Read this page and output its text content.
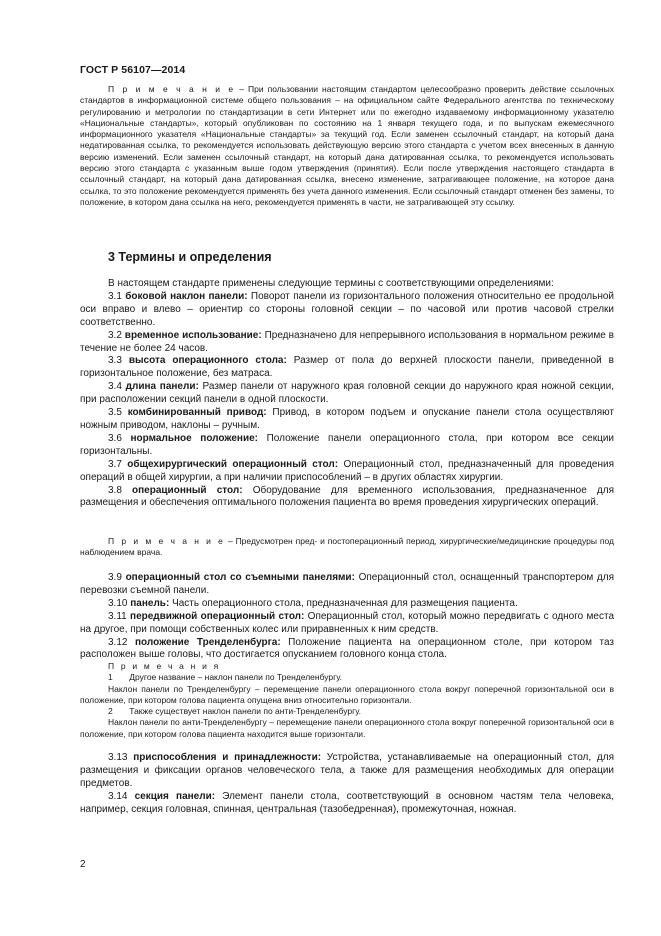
ГОСТ Р 56107—2014
П р и м е ч а н и е – При пользовании настоящим стандартом целесообразно проверить действие ссылочных стандартов в информационной системе общего пользования – на официальном сайте Федерального агентства по техническому регулированию и метрологии по стандартизации в сети Интернет или по ежегодно издаваемому информационному указателю «Национальные стандарты», который опубликован по состоянию на 1 января текущего года, и по выпускам ежемесячного информационного указателя «Национальные стандарты» за текущий год. Если заменен ссылочный стандарт, на который дана недатированная ссылка, то рекомендуется использовать действующую версию этого стандарта с учетом всех внесенных в данную версию изменений. Если заменен ссылочный стандарт, на который дана датированная ссылка, то рекомендуется использовать версию этого стандарта с указанным выше годом утверждения (принятия). Если после утверждения настоящего стандарта в ссылочный стандарт, на который дана датированная ссылка, внесено изменение, затрагивающее положение, на которое дана ссылка, то это положение рекомендуется применять без учета данного изменения. Если ссылочный стандарт отменен без замены, то положение, в котором дана ссылка на него, рекомендуется применять в части, не затрагивающей эту ссылку.
3 Термины и определения

В настоящем стандарте применены следующие термины с соответствующими определениями:

3.1 боковой наклон панели: Поворот панели из горизонтального положения относительно ее продольной оси вправо и влево – ориентир со стороны головной секции – по часовой или против часовой стрелки соответственно.

3.2 временное использование: Предназначено для непрерывного использования в нормальном режиме в течение не более 24 часов.

3.3 высота операционного стола: Размер от пола до верхней плоскости панели, приведенной в горизонтальное положение, без матраса.

3.4 длина панели: Размер панели от наружного края головной секции до наружного края ножной секции, при расположении секций панели в одной плоскости.

3.5 комбинированный привод: Привод, в котором подъем и опускание панели стола осуществляют ножным приводом, наклоны – ручным.

3.6 нормальное положение: Положение панели операционного стола, при котором все секции горизонтальны.

3.7 общехирургический операционный стол: Операционный стол, предназначенный для проведения операций в общей хирургии, а при наличии приспособлений – в других областях хирургии.

3.8 операционный стол: Оборудование для временного использования, предназначенное для размещения и обеспечения оптимального положения пациента во время проведения хирургических операций.

П р и м е ч а н и е – Предусмотрен пред- и постоперационный период, хирургические/медицинские процедуры под наблюдением врача.

3.9 операционный стол со съемными панелями: Операционный стол, оснащенный транспортером для перевозки съемной панели.

3.10 панель: Часть операционного стола, предназначенная для размещения пациента.

3.11 передвижной операционный стол: Операционный стол, который можно передвигать с одного места на другое, при помощи собственных колес или приравненных к ним средств.

3.12 положение Тренделенбурга: Положение пациента на операционном столе, при котором таз расположен выше головы, что достигается опусканием головного конца стола.

П р и м е ч а н и я

1 Другое название – наклон панели по Тренделенбургу.

Наклон панели по Тренделенбургу – перемещение панели операционного стола вокруг поперечной горизонтальной оси в положение, при котором голова пациента опущена вниз относительно горизонтали.

2 Также существует наклон панели по анти-Тренделенбургу.

Наклон панели по анти-Тренделенбургу – перемещение панели операционного стола вокруг поперечной горизонтальной оси в положение, при котором голова пациента находится выше горизонтали.

3.13 приспособления и принадлежности: Устройства, устанавливаемые на операционный стол, для размещения и фиксации органов человеческого тела, а также для размещения необходимых для операции предметов.

3.14 секция панели: Элемент панели стола, соответствующий в основном частям тела человека, например, секция головная, спинная, центральная (тазобедренная), промежуточная, ножная.

2
